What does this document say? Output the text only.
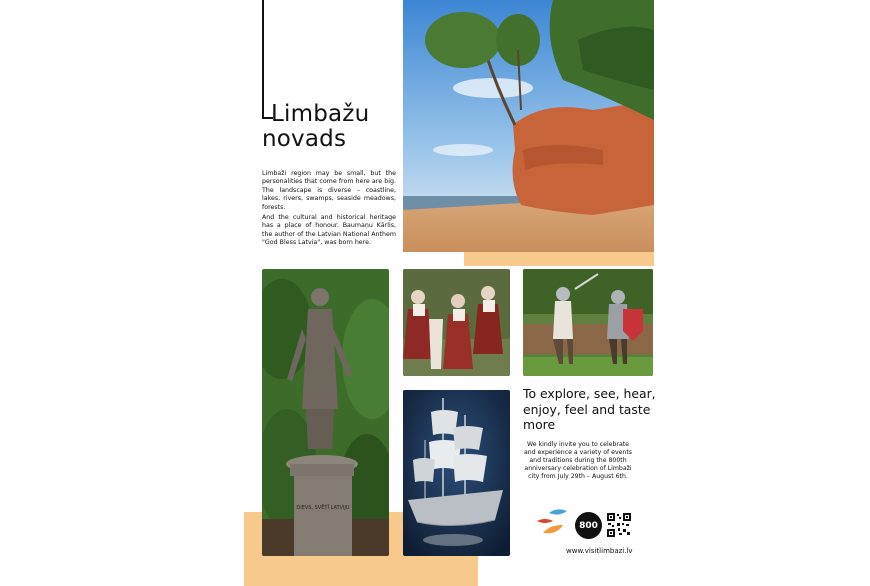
Limbažu
novads
Limbaži region may be small, but the personalities that come from here are big. The landscape is diverse – coastline, lakes, rivers, swamps, seaside meadows, forests.
And the cultural and historical heritage has a place of honour. Baumaņu Kārlis, the author of the Latvian National Anthem "God Bless Latvia", was born here.
DIEVS, SVĒTĪ LATVIJU
To explore, see, hear, enjoy, feel and taste more
We kindly invite you to celebrate and experience a variety of events and traditions during the 800th anniversary celebration of Limbaži city from July 29th – August 6th.
800
www.visitlimbazi.lv
